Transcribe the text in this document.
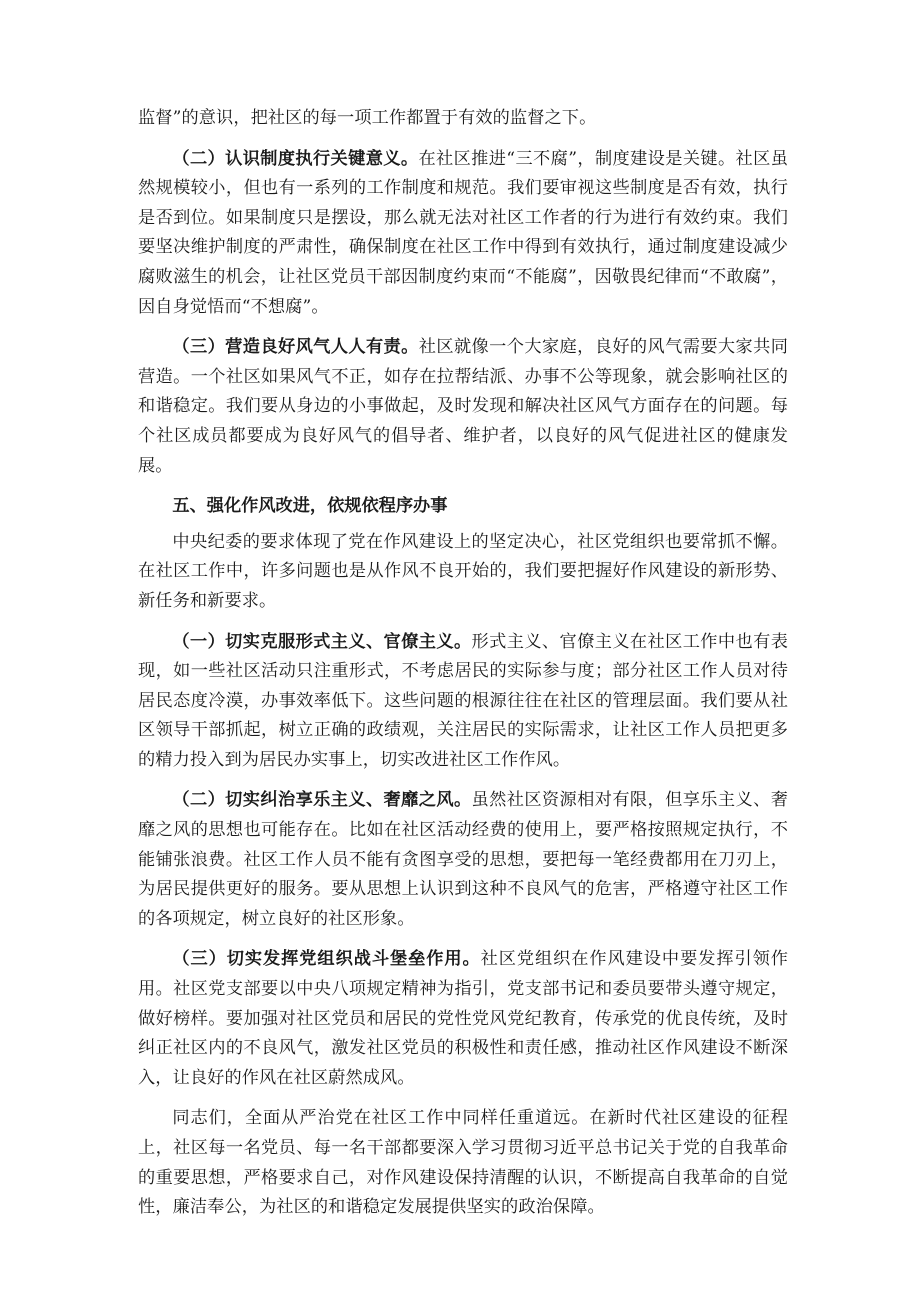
监督”的意识，把社区的每一项工作都置于有效的监督之下。

（二）认识制度执行关键意义。在社区推进“三不腐”，制度建设是关键。社区虽然规模较小，但也有一系列的工作制度和规范。我们要审视这些制度是否有效，执行是否到位。如果制度只是摆设，那么就无法对社区工作者的行为进行有效约束。我们要坚决维护制度的严肃性，确保制度在社区工作中得到有效执行，通过制度建设减少腐败滋生的机会，让社区党员干部因制度约束而“不能腐”，因敬畏纪律而“不敢腐”，因自身觉悟而“不想腐”。

（三）营造良好风气人人有责。社区就像一个大家庭，良好的风气需要大家共同营造。一个社区如果风气不正，如存在拉帮结派、办事不公等现象，就会影响社区的和谐稳定。我们要从身边的小事做起，及时发现和解决社区风气方面存在的问题。每个社区成员都要成为良好风气的倡导者、维护者，以良好的风气促进社区的健康发展。

五、强化作风改进，依规依程序办事

中央纪委的要求体现了党在作风建设上的坚定决心，社区党组织也要常抓不懈。在社区工作中，许多问题也是从作风不良开始的，我们要把握好作风建设的新形势、新任务和新要求。

（一）切实克服形式主义、官僚主义。形式主义、官僚主义在社区工作中也有表现，如一些社区活动只注重形式，不考虑居民的实际参与度；部分社区工作人员对待居民态度冷漠，办事效率低下。这些问题的根源往往在社区的管理层面。我们要从社区领导干部抓起，树立正确的政绩观，关注居民的实际需求，让社区工作人员把更多的精力投入到为居民办实事上，切实改进社区工作作风。

（二）切实纠治享乐主义、奢靡之风。虽然社区资源相对有限，但享乐主义、奢靡之风的思想也可能存在。比如在社区活动经费的使用上，要严格按照规定执行，不能铺张浪费。社区工作人员不能有贪图享受的思想，要把每一笔经费都用在刀刃上，为居民提供更好的服务。要从思想上认识到这种不良风气的危害，严格遵守社区工作的各项规定，树立良好的社区形象。

（三）切实发挥党组织战斗堡垒作用。社区党组织在作风建设中要发挥引领作用。社区党支部要以中央八项规定精神为指引，党支部书记和委员要带头遵守规定，做好榜样。要加强对社区党员和居民的党性党风党纪教育，传承党的优良传统，及时纠正社区内的不良风气，激发社区党员的积极性和责任感，推动社区作风建设不断深入，让良好的作风在社区蔚然成风。

同志们，全面从严治党在社区工作中同样任重道远。在新时代社区建设的征程上，社区每一名党员、每一名干部都要深入学习贯彻习近平总书记关于党的自我革命的重要思想，严格要求自己，对作风建设保持清醒的认识，不断提高自我革命的自觉性，廉洁奉公，为社区的和谐稳定发展提供坚实的政治保障。
